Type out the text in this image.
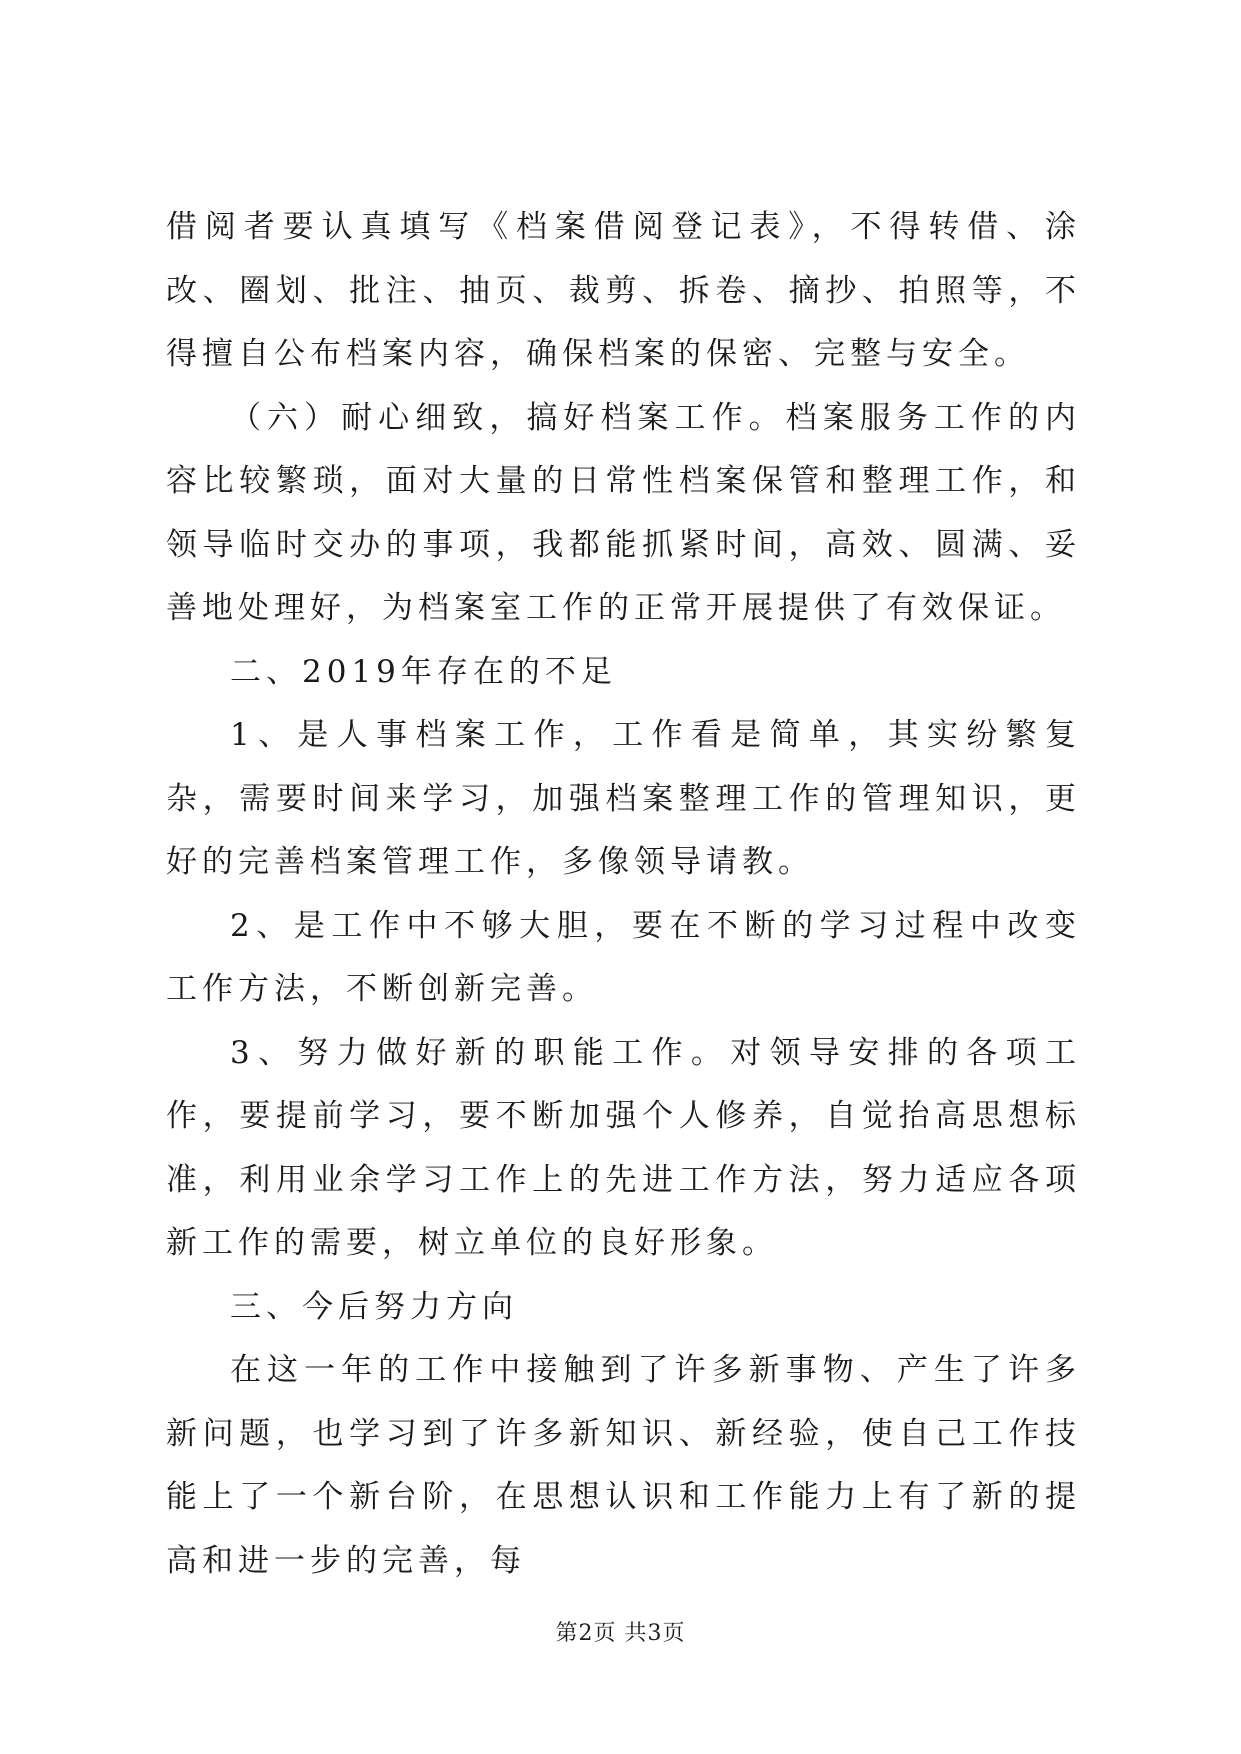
借阅者要认真填写《档案借阅登记表》，不得转借、涂改、圈划、批注、抽页、裁剪、拆卷、摘抄、拍照等，不得擅自公布档案内容，确保档案的保密、完整与安全。

（六）耐心细致，搞好档案工作。档案服务工作的内容比较繁琐，面对大量的日常性档案保管和整理工作，和领导临时交办的事项，我都能抓紧时间，高效、圆满、妥善地处理好，为档案室工作的正常开展提供了有效保证。

二、2019年存在的不足

1、是人事档案工作，工作看是简单，其实纷繁复杂，需要时间来学习，加强档案整理工作的管理知识，更好的完善档案管理工作，多像领导请教。

2、是工作中不够大胆，要在不断的学习过程中改变工作方法，不断创新完善。

3、努力做好新的职能工作。对领导安排的各项工作，要提前学习，要不断加强个人修养，自觉抬高思想标准，利用业余学习工作上的先进工作方法，努力适应各项新工作的需要，树立单位的良好形象。

三、今后努力方向

在这一年的工作中接触到了许多新事物、产生了许多新问题，也学习到了许多新知识、新经验，使自己工作技能上了一个新台阶，在思想认识和工作能力上有了新的提高和进一步的完善，每

第2页 共3页
